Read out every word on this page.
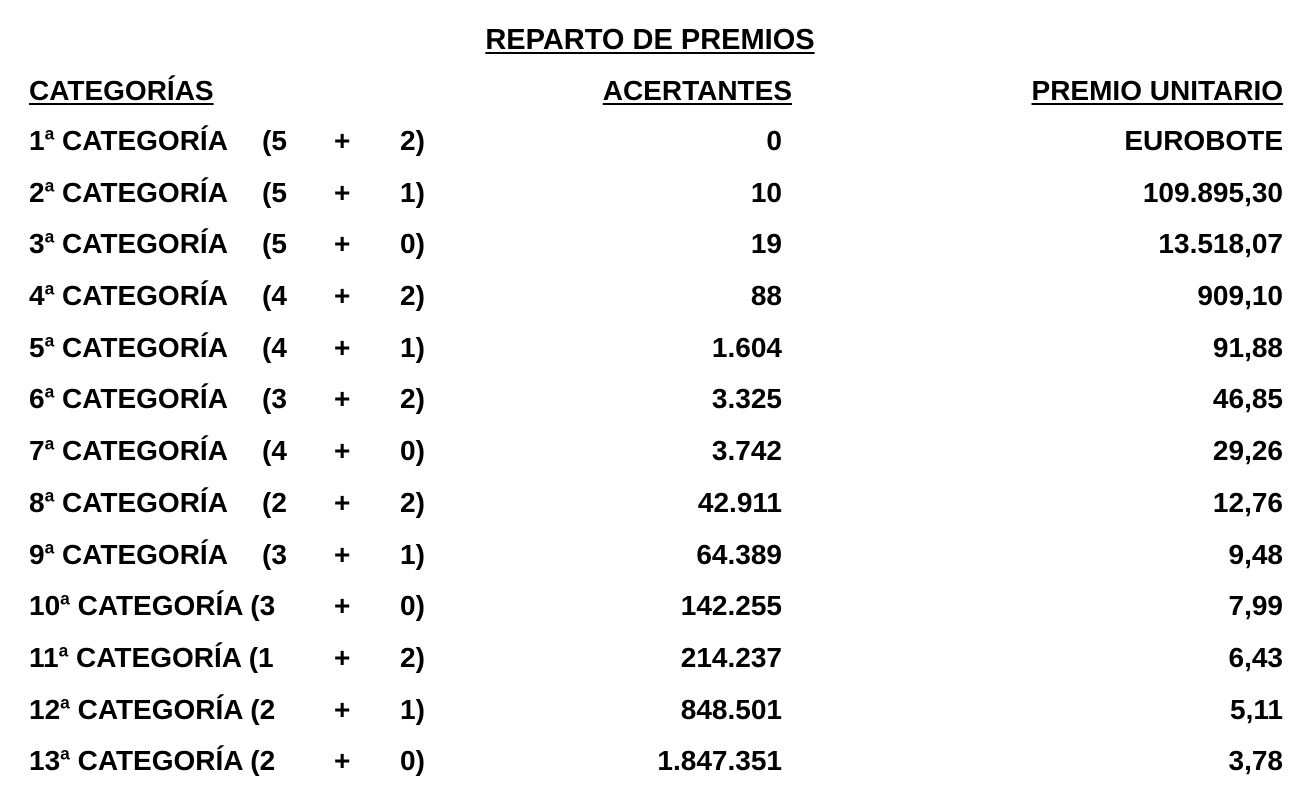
REPARTO DE PREMIOS
CATEGORÍAS	ACERTANTES	PREMIO UNITARIO
1$^a$ CATEGORÍA (5 + 2)	0	EUROBOTE
2$^a$ CATEGORÍA (5 + 1)	10	109.895,30
3$^a$ CATEGORÍA (5 + 0)	19	13.518,07
4$^a$ CATEGORÍA (4 + 2)	88	909,10
5$^a$ CATEGORÍA (4 + 1)	1.604	91,88
6$^a$ CATEGORÍA (3 + 2)	3.325	46,85
7$^a$ CATEGORÍA (4 + 0)	3.742	29,26
8$^a$ CATEGORÍA (2 + 2)	42.911	12,76
9$^a$ CATEGORÍA (3 + 1)	64.389	9,48
10$^a$ CATEGORÍA (3 + 0)	142.255	7,99
11$^a$ CATEGORÍA (1 + 2)	214.237	6,43
12$^a$ CATEGORÍA (2 + 1)	848.501	5,11
13$^a$ CATEGORÍA (2 + 0)	1.847.351	3,78
